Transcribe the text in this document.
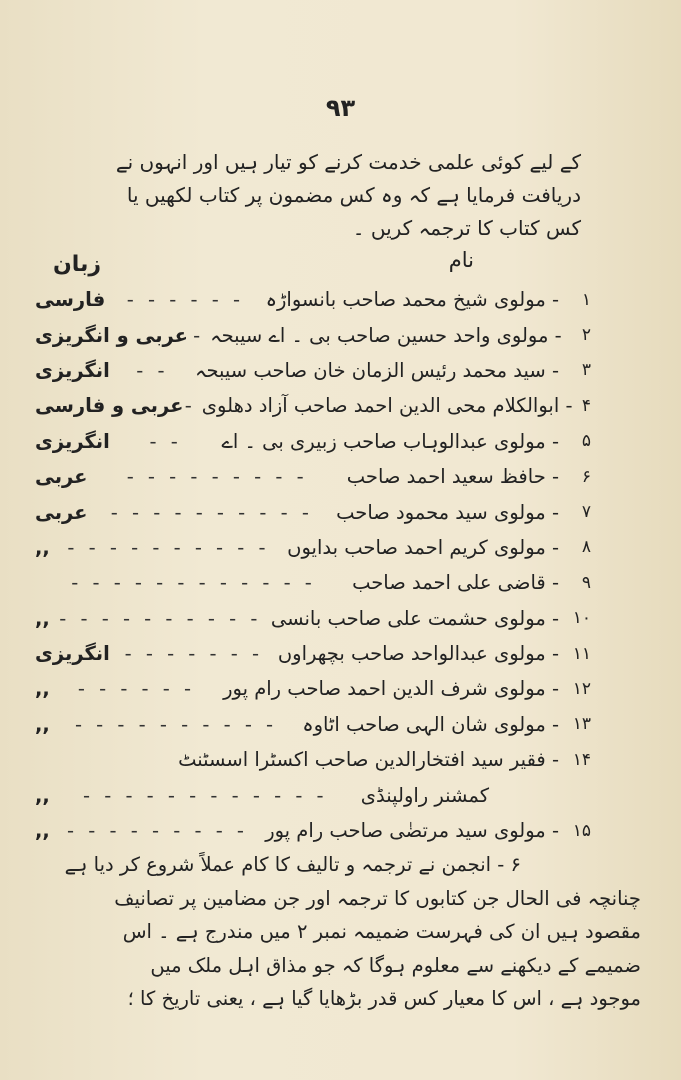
۹۳
کے لیے کوئی علمی خدمت کرنے کو تیار ہیں اور انہوں نے
دریافت فرمایا ہے کہ وہ کس مضمون پر کتاب لکھیں یا
کس کتاب کا ترجمہ کریں ۔
نام
زبان
۱
- مولوی شیخ محمد صاحب بانسواڑہ
- - - - - -
فارسی
۲
- مولوی واحد حسین صاحب بی ۔ اے سیبحہ
-
عربی و انگریزی
۳
- سید محمد رئیس الزمان خان صاحب سیبحہ
- -
انگریزی
۴
- ابوالکلام محی الدین احمد صاحب آزاد دھلوی
-
عربی و فارسی
۵
- مولوی عبدالوہاب صاحب زبیری بی ۔ اے
- -
انگریزی
۶
- حافظ سعید احمد صاحب
- - - - - - - - -
عربی
۷
- مولوی سید محمود صاحب
- - - - - - - - - -
عربی
۸
- مولوی کریم احمد صاحب بدایوں
- - - - - - - - - -
,,
۹
- قاضی علی احمد صاحب
- - - - - - - - - - - -
۱۰
- مولوی حشمت علی صاحب بانسی
- - - - - - - - - -
,,
۱۱
- مولوی عبدالواحد صاحب بچھراوں
- - - - - - -
انگریزی
۱۲
- مولوی شرف الدین احمد صاحب رام پور
- - - - - -
,,
۱۳
- مولوی شان الہی صاحب اٹاوہ
- - - - - - - - - -
,,
۱۴
- فقیر سید افتخارالدین صاحب اکسٹرا اسسٹنٹ
کمشنر راولپنڈی
- - - - - - - - - - - -
,,
۱۵
- مولوی سید مرتضٰی صاحب رام پور
- - - - - - - - -
,,
۶ - انجمن نے ترجمہ و تالیف کا کام عملاً شروع کر دیا ہے
چنانچہ فی الحال جن کتابوں کا ترجمہ اور جن مضامین پر تصانیف
مقصود ہیں ان کی فہرست ضمیمہ نمبر ۲ میں مندرج ہے ۔ اس
ضمیمے کے دیکھنے سے معلوم ہوگا کہ جو مذاق اہل ملک میں
موجود ہے ، اس کا معیار کس قدر بڑھایا گیا ہے ، یعنی تاریخ کا ؛
